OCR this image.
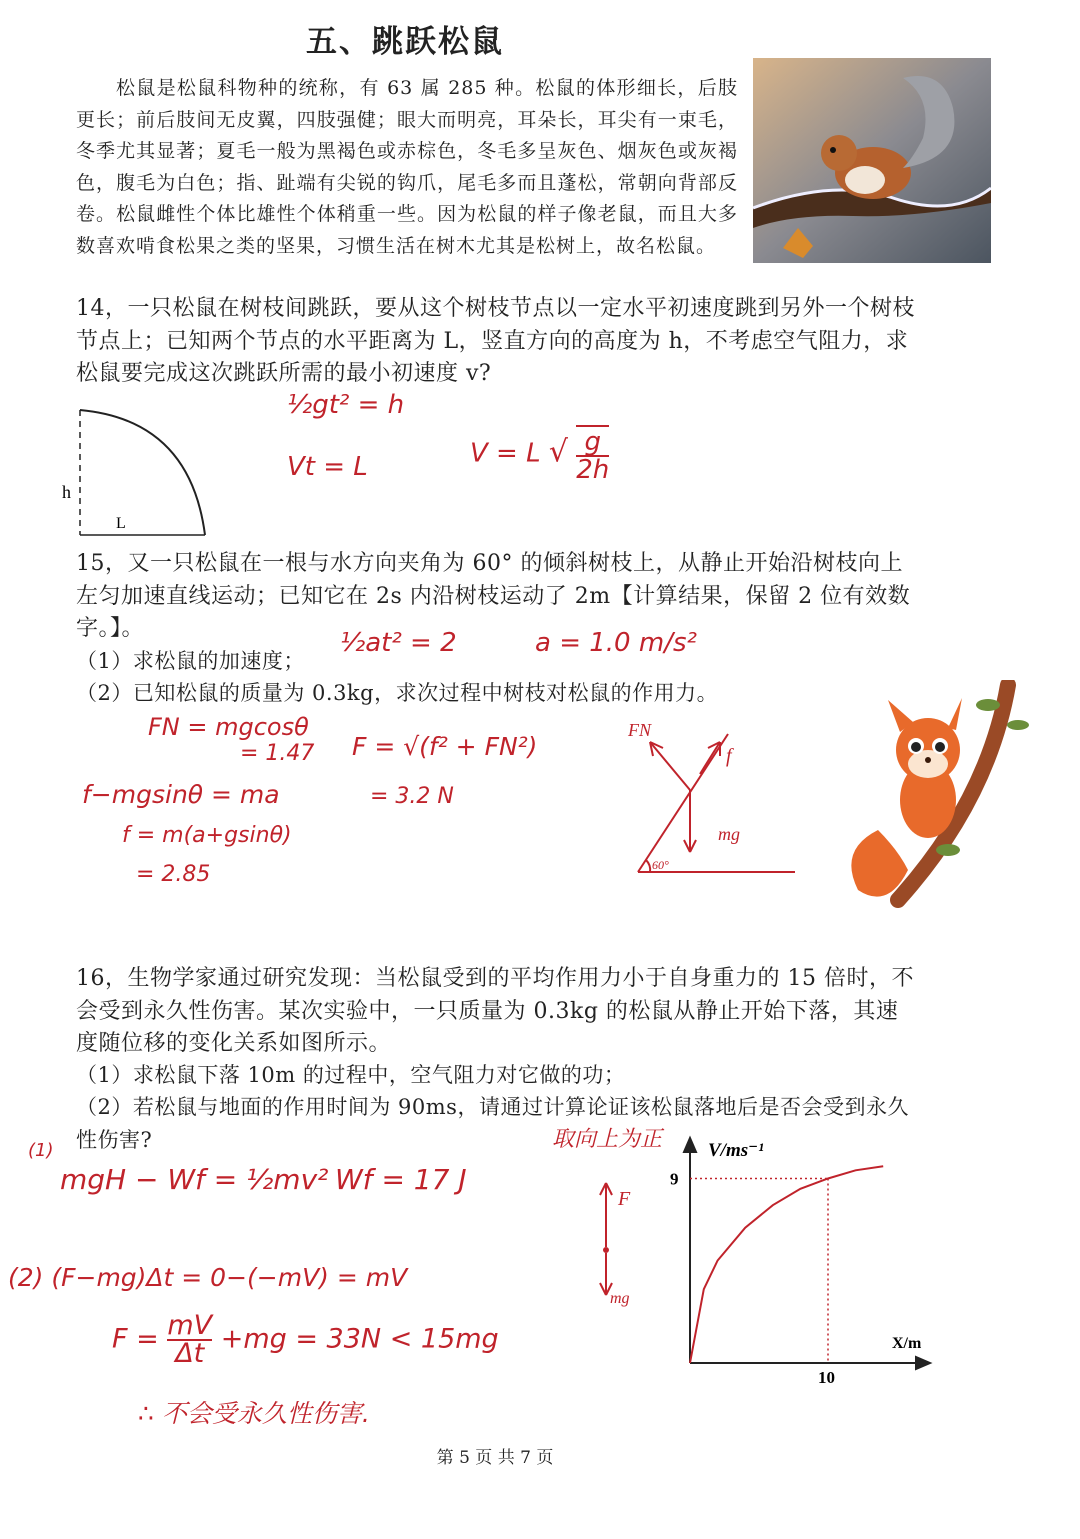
五、跳跃松鼠
松鼠是松鼠科物种的统称，有 63 属 285 种。松鼠的体形细长，后肢更长；前后肢间无皮翼，四肢强健；眼大而明亮，耳朵长，耳尖有一束毛，冬季尤其显著；夏毛一般为黑褐色或赤棕色，冬毛多呈灰色、烟灰色或灰褐色，腹毛为白色；指、趾端有尖锐的钩爪，尾毛多而且蓬松，常朝向背部反卷。松鼠雌性个体比雄性个体稍重一些。因为松鼠的样子像老鼠，而且大多数喜欢啃食松果之类的坚果，习惯生活在树木尤其是松树上，故名松鼠。
14，一只松鼠在树枝间跳跃，要从这个树枝节点以一定水平初速度跳到另外一个树枝节点上；已知两个节点的水平距离为 L，竖直方向的高度为 h，不考虑空气阻力，求松鼠要完成这次跳跃所需的最小初速度 v?
h
L
½gt² = h
Vt = L	V = L √ $\frac{g}{2h}$
15，又一只松鼠在一根与水方向夹角为 60° 的倾斜树枝上，从静止开始沿树枝向上左匀加速直线运动；已知它在 2s 内沿树枝运动了 2m【计算结果，保留 2 位有效数字。】。
（1）求松鼠的加速度；
（2）已知松鼠的质量为 0.3kg，求次过程中树枝对松鼠的作用力。
½at² = 2	a = 1.0 m/s²
FN = mgcosθ
= 1.47
f−mgsinθ = ma
f = m(a+gsinθ)
= 2.85
F = √(f² + FN²)
= 3.2 N
FN
f
mg
60°
16，生物学家通过研究发现：当松鼠受到的平均作用力小于自身重力的 15 倍时，不会受到永久性伤害。某次实验中，一只质量为 0.3kg 的松鼠从静止开始下落，其速度随位移的变化关系如图所示。
（1）求松鼠下落 10m 的过程中，空气阻力对它做的功；
（2）若松鼠与地面的作用时间为 90ms，请通过计算论证该松鼠落地后是否会受到永久性伤害?
(1)
mgH − Wf = ½mv² Wf = 17 J
取向上为正
F
mg
(2) (F−mg)Δt = 0−(−mV) = mV
$F = \frac{mV}{\Delta t} +mg = 33N < 15mg$
∴ 不会受永久性伤害.
V/ms⁻¹
X/m
9
10
第 5 页 共 7 页
